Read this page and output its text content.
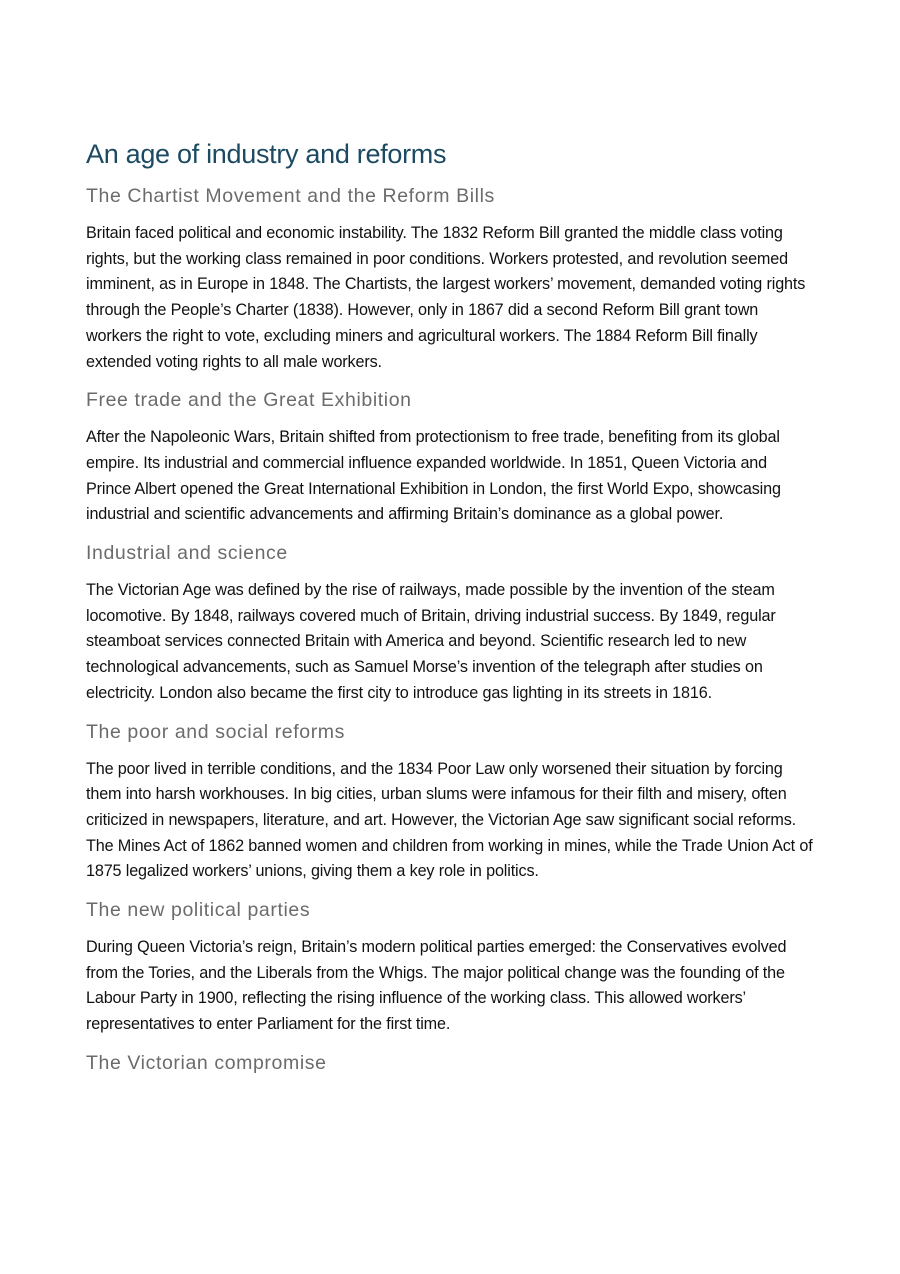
An age of industry and reforms
The Chartist Movement and the Reform Bills

Britain faced political and economic instability. The 1832 Reform Bill granted the middle class voting rights, but the working class remained in poor conditions. Workers protested, and revolution seemed imminent, as in Europe in 1848. The Chartists, the largest workers’ movement, demanded voting rights through the People’s Charter (1838). However, only in 1867 did a second Reform Bill grant town workers the right to vote, excluding miners and agricultural workers. The 1884 Reform Bill finally extended voting rights to all male workers.

Free trade and the Great Exhibition

After the Napoleonic Wars, Britain shifted from protectionism to free trade, benefiting from its global empire. Its industrial and commercial influence expanded worldwide. In 1851, Queen Victoria and Prince Albert opened the Great International Exhibition in London, the first World Expo, showcasing industrial and scientific advancements and affirming Britain’s dominance as a global power.

Industrial and science

The Victorian Age was defined by the rise of railways, made possible by the invention of the steam locomotive. By 1848, railways covered much of Britain, driving industrial success. By 1849, regular steamboat services connected Britain with America and beyond. Scientific research led to new technological advancements, such as Samuel Morse’s invention of the telegraph after studies on electricity. London also became the first city to introduce gas lighting in its streets in 1816.

The poor and social reforms

The poor lived in terrible conditions, and the 1834 Poor Law only worsened their situation by forcing them into harsh workhouses. In big cities, urban slums were infamous for their filth and misery, often criticized in newspapers, literature, and art. However, the Victorian Age saw significant social reforms. The Mines Act of 1862 banned women and children from working in mines, while the Trade Union Act of 1875 legalized workers’ unions, giving them a key role in politics.

The new political parties

During Queen Victoria’s reign, Britain’s modern political parties emerged: the Conservatives evolved from the Tories, and the Liberals from the Whigs. The major political change was the founding of the Labour Party in 1900, reflecting the rising influence of the working class. This allowed workers’ representatives to enter Parliament for the first time.

The Victorian compromise
